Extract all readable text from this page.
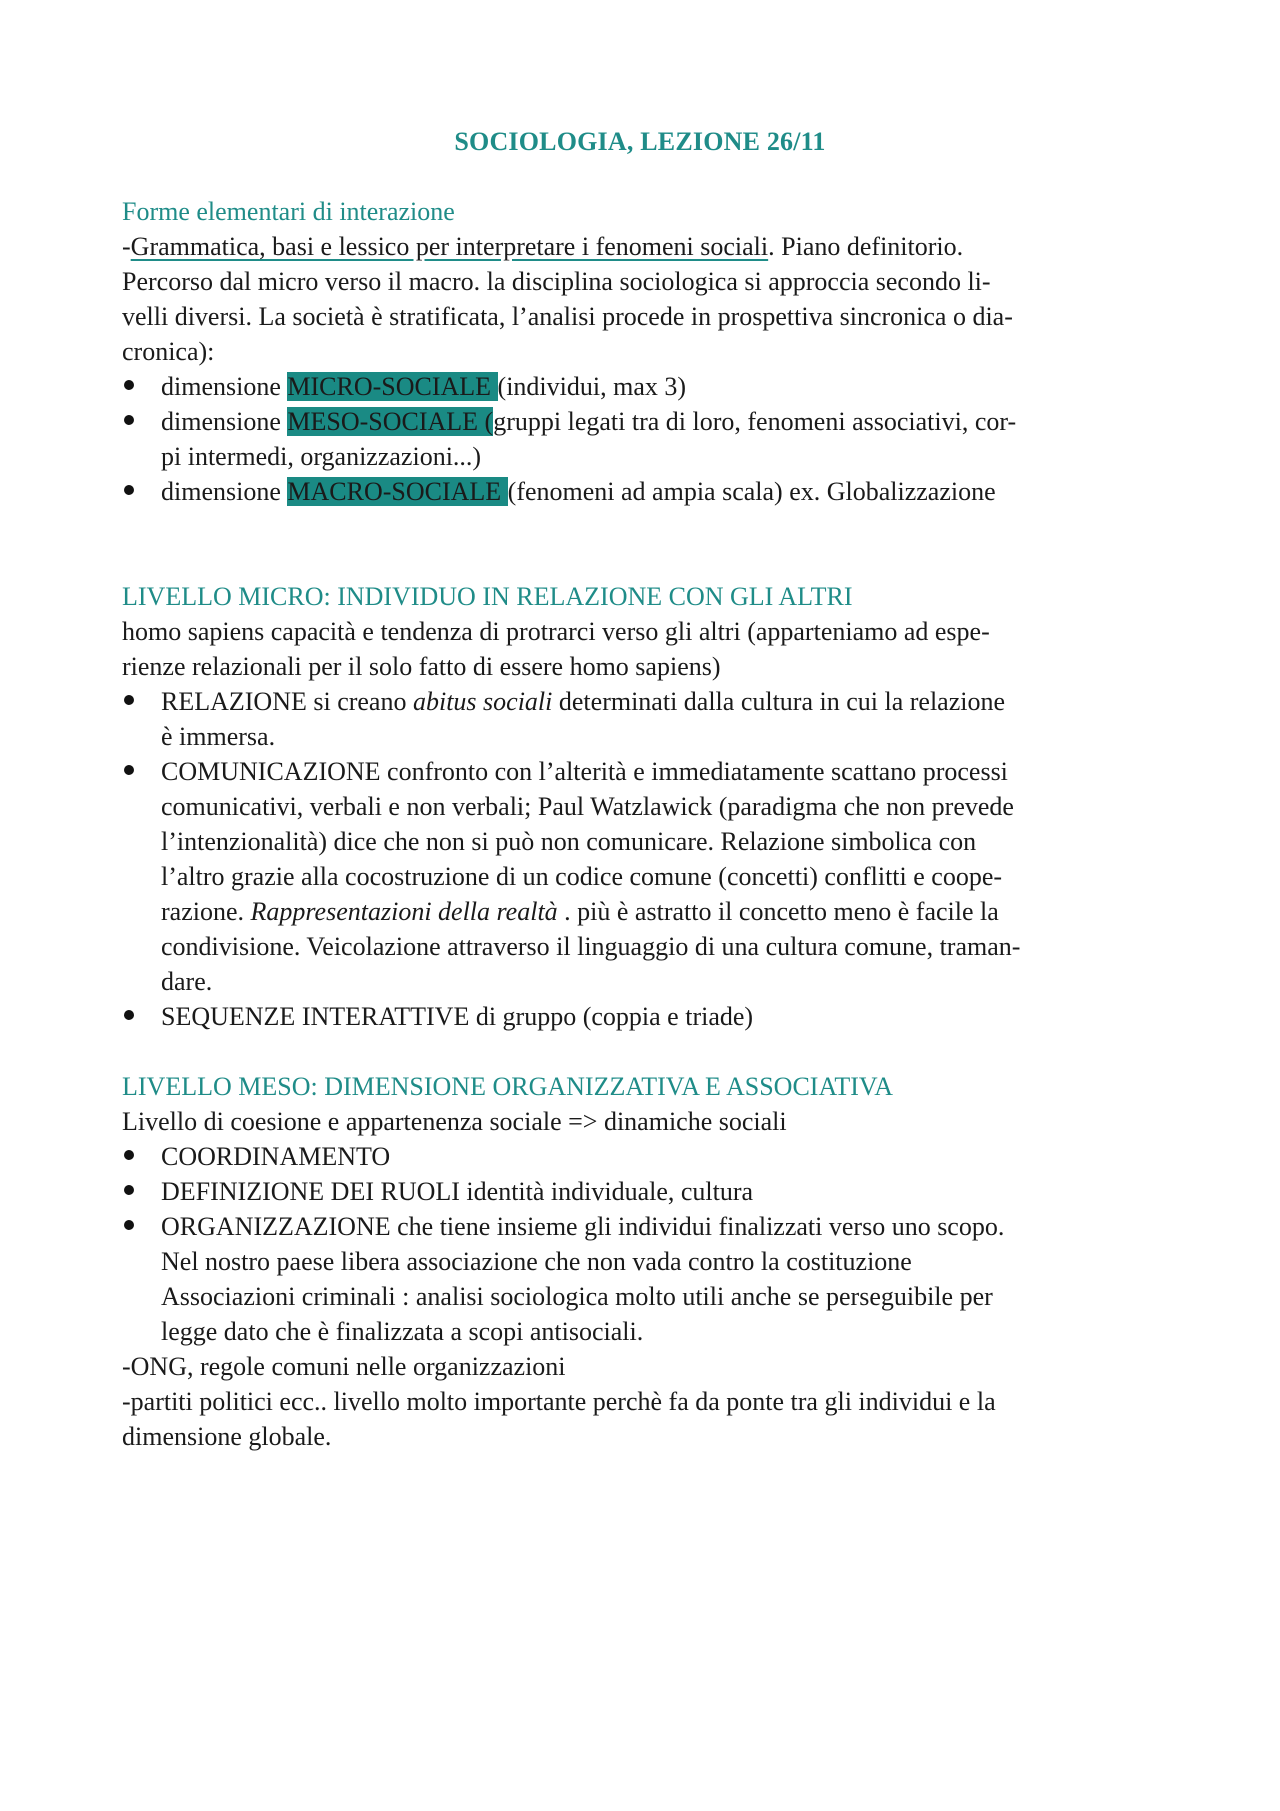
SOCIOLOGIA, LEZIONE 26/11
Forme elementari di interazione
-Grammatica, basi e lessico per interpretare i fenomeni sociali. Piano definitorio.
Percorso dal micro verso il macro. la disciplina sociologica si approccia secondo li-
velli diversi. La società è stratificata, l’analisi procede in prospettiva sincronica o dia-
cronica):
dimensione MICRO-SOCIALE (individui, max 3)
dimensione MESO-SOCIALE (gruppi legati tra di loro, fenomeni associativi, cor-
pi intermedi, organizzazioni...)
dimensione MACRO-SOCIALE (fenomeni ad ampia scala) ex. Globalizzazione
LIVELLO MICRO: INDIVIDUO IN RELAZIONE CON GLI ALTRI
homo sapiens capacità e tendenza di protrarci verso gli altri (apparteniamo ad espe-
rienze relazionali per il solo fatto di essere homo sapiens)
RELAZIONE si creano abitus sociali determinati dalla cultura in cui la relazione
è immersa.
COMUNICAZIONE confronto con l’alterità e immediatamente scattano processi
comunicativi, verbali e non verbali; Paul Watzlawick (paradigma che non prevede
l’intenzionalità) dice che non si può non comunicare. Relazione simbolica con
l’altro grazie alla cocostruzione di un codice comune (concetti) conflitti e coope-
razione. Rappresentazioni della realtà . più è astratto il concetto meno è facile la
condivisione. Veicolazione attraverso il linguaggio di una cultura comune, traman-
dare.
SEQUENZE INTERATTIVE di gruppo (coppia e triade)
LIVELLO MESO: DIMENSIONE ORGANIZZATIVA E ASSOCIATIVA
Livello di coesione e appartenenza sociale => dinamiche sociali
COORDINAMENTO
DEFINIZIONE DEI RUOLI identità individuale, cultura
ORGANIZZAZIONE che tiene insieme gli individui finalizzati verso uno scopo.
Nel nostro paese libera associazione che non vada contro la costituzione
Associazioni criminali : analisi sociologica molto utili anche se perseguibile per
legge dato che è finalizzata a scopi antisociali.
-ONG, regole comuni nelle organizzazioni
-partiti politici ecc.. livello molto importante perchè fa da ponte tra gli individui e la
dimensione globale.
